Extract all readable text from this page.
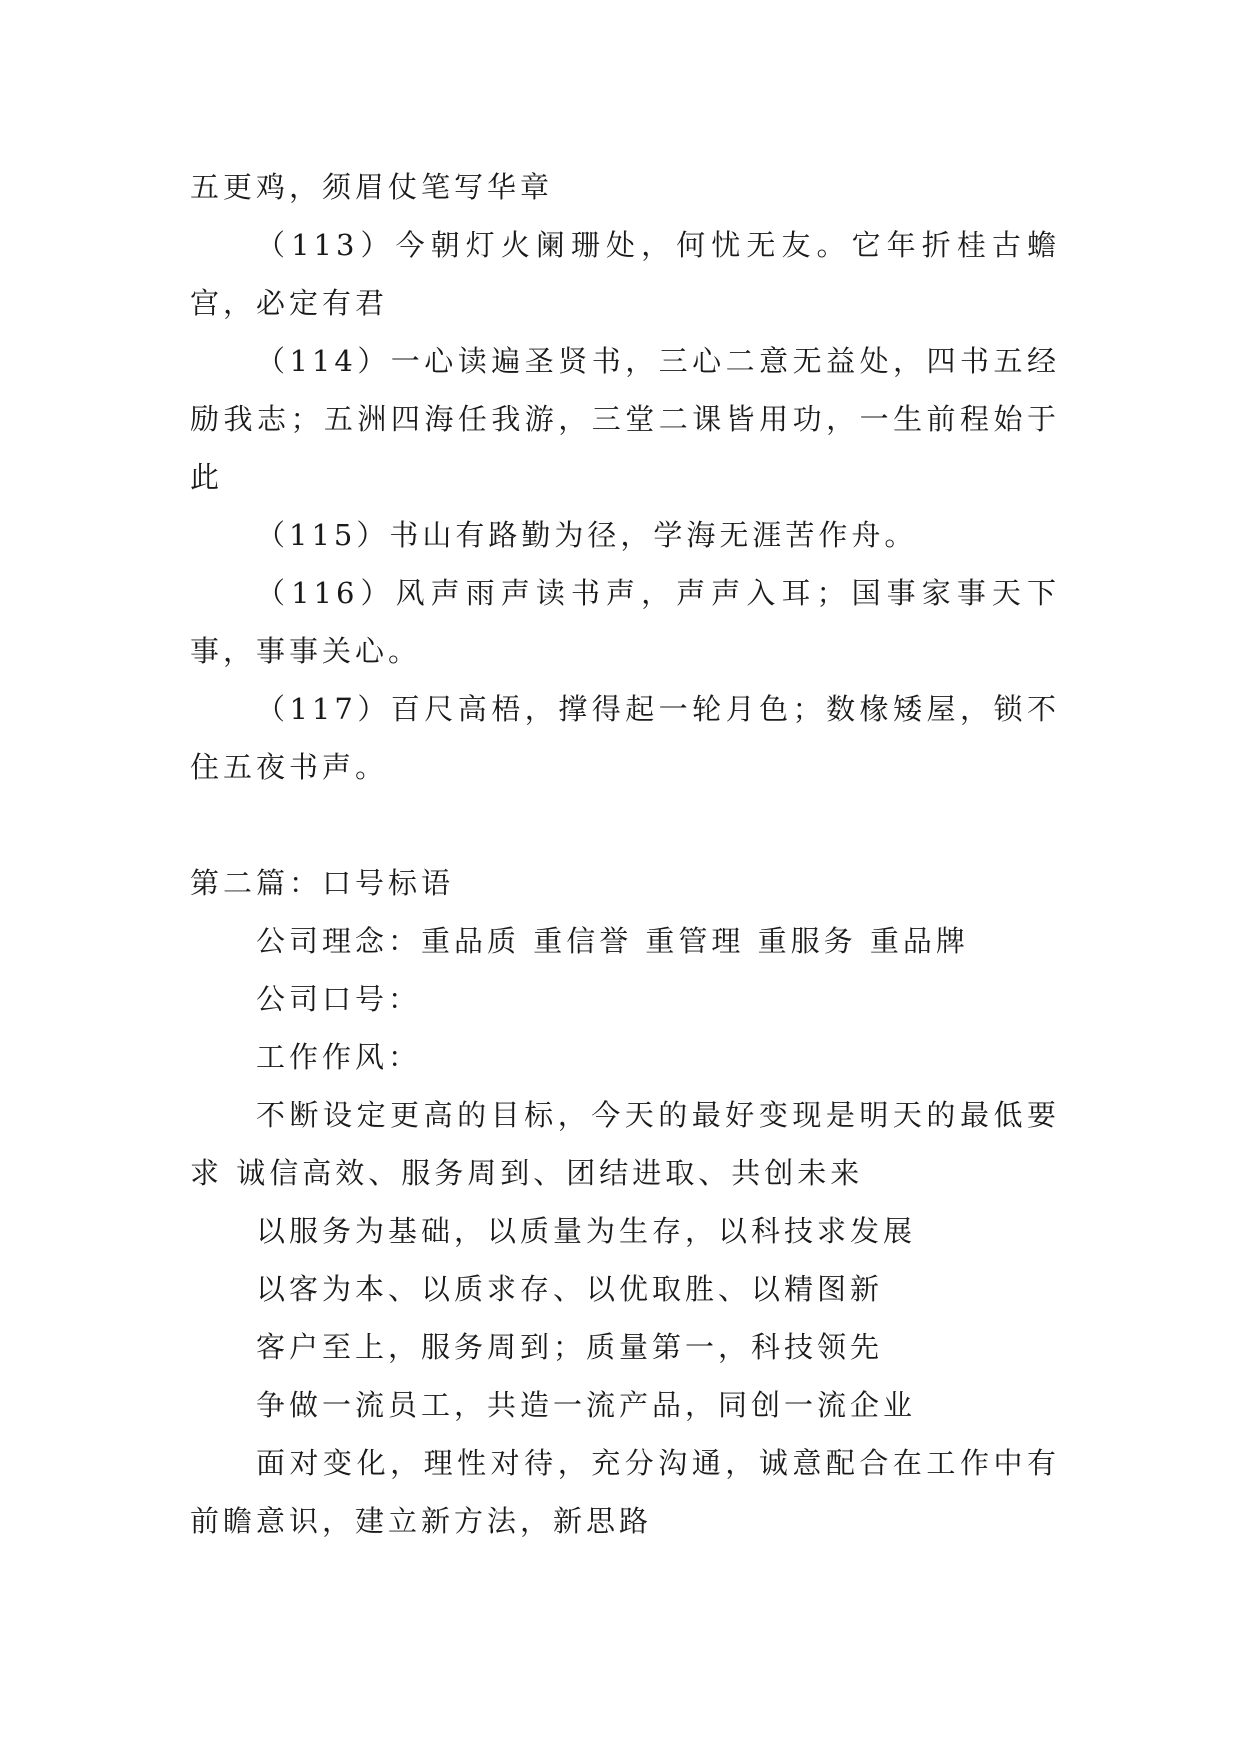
五更鸡，须眉仗笔写华章

（113）今朝灯火阑珊处，何忧无友。它年折桂古蟾宫，必定有君

（114）一心读遍圣贤书，三心二意无益处，四书五经励我志；五洲四海任我游，三堂二课皆用功，一生前程始于此

（115）书山有路勤为径，学海无涯苦作舟。

（116）风声雨声读书声，声声入耳；国事家事天下事，事事关心。

（117）百尺高梧，撑得起一轮月色；数椽矮屋，锁不住五夜书声。

第二篇：口号标语

公司理念：重品质 重信誉 重管理 重服务 重品牌

公司口号：

工作作风：

不断设定更高的目标，今天的最好变现是明天的最低要求 诚信高效、服务周到、团结进取、共创未来

以服务为基础，以质量为生存，以科技求发展

以客为本、以质求存、以优取胜、以精图新

客户至上，服务周到；质量第一，科技领先

争做一流员工，共造一流产品，同创一流企业

面对变化，理性对待，充分沟通，诚意配合在工作中有前瞻意识，建立新方法，新思路
